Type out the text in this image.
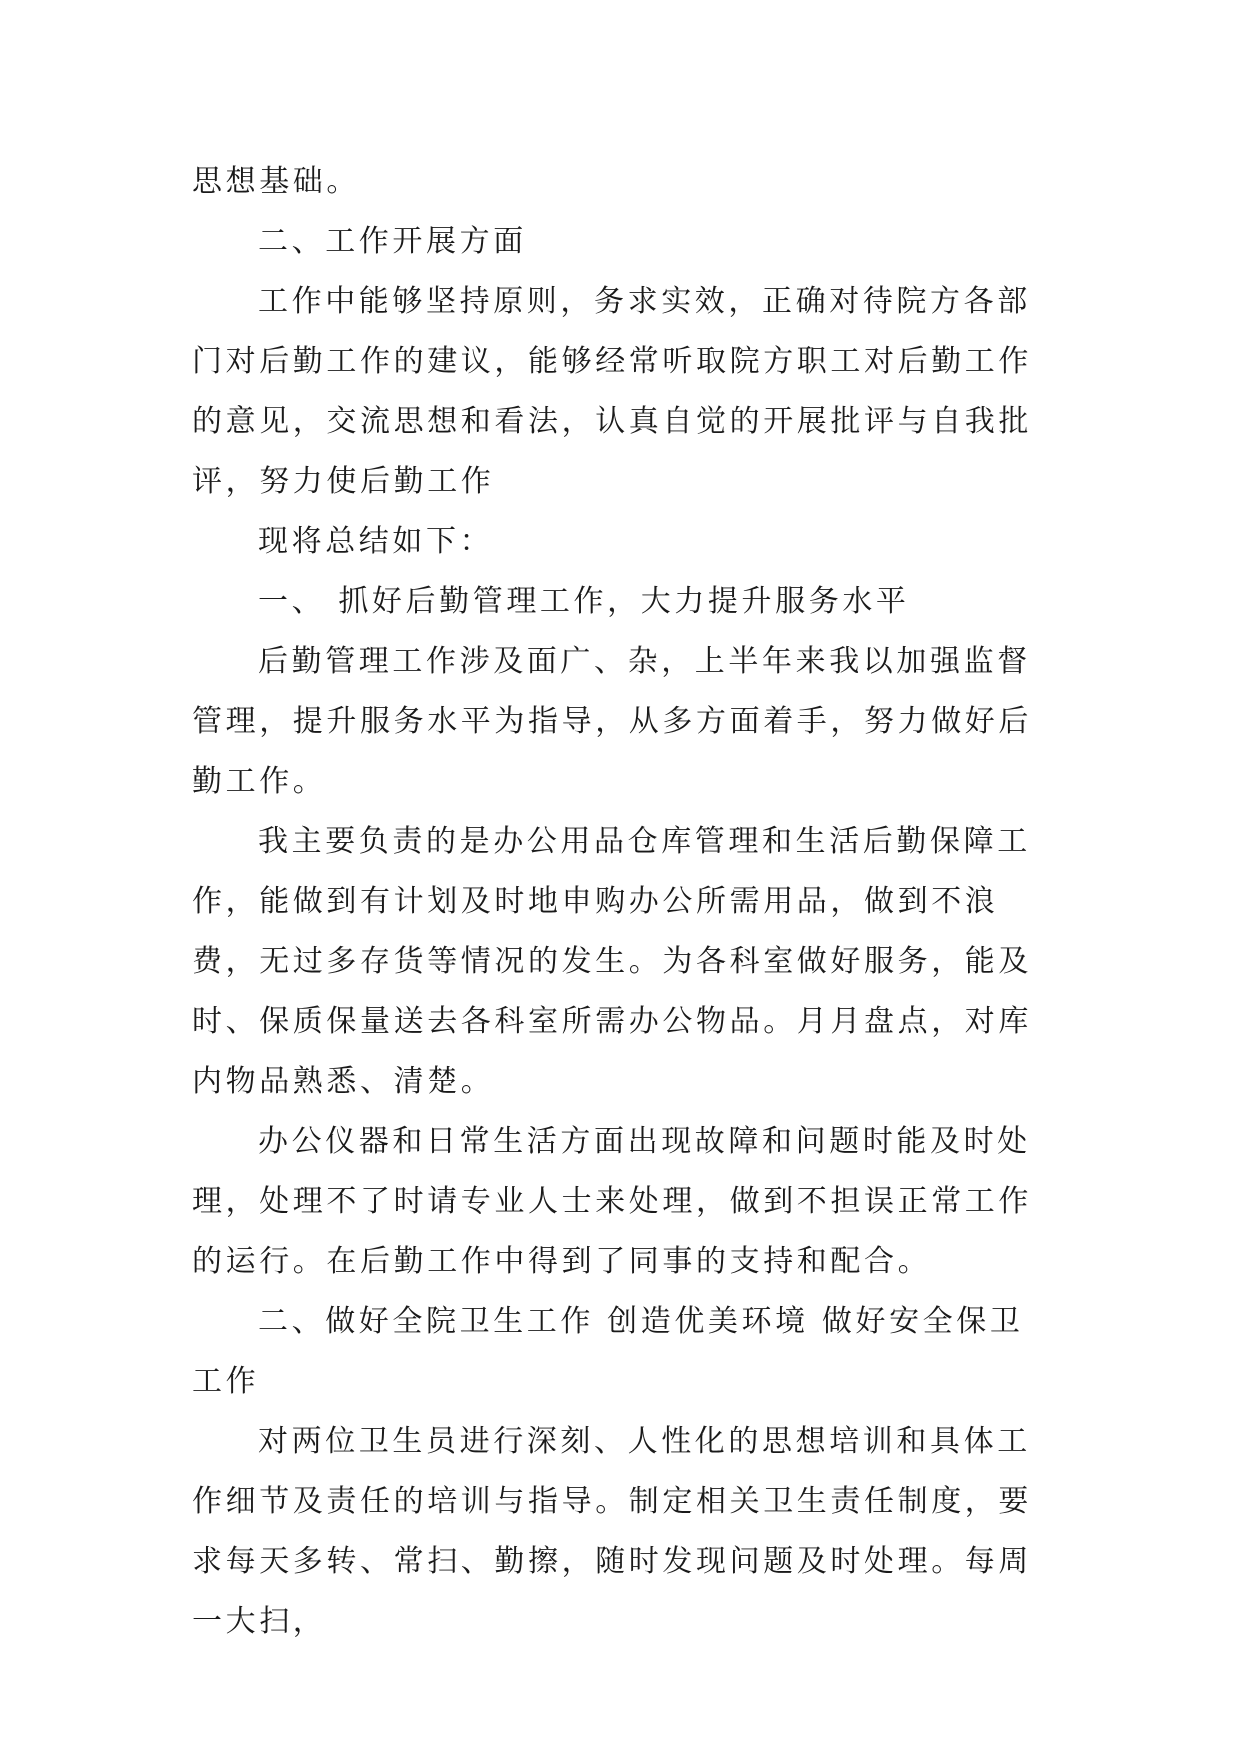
思想基础。

二、工作开展方面

工作中能够坚持原则，务求实效，正确对待院方各部门对后勤工作的建议，能够经常听取院方职工对后勤工作的意见，交流思想和看法，认真自觉的开展批评与自我批评，努力使后勤工作

现将总结如下：

一、 抓好后勤管理工作，大力提升服务水平

后勤管理工作涉及面广、杂，上半年来我以加强监督管理，提升服务水平为指导，从多方面着手，努力做好后勤工作。

我主要负责的是办公用品仓库管理和生活后勤保障工作，能做到有计划及时地申购办公所需用品，做到不浪费，无过多存货等情况的发生。为各科室做好服务，能及时、保质保量送去各科室所需办公物品。月月盘点，对库内物品熟悉、清楚。

办公仪器和日常生活方面出现故障和问题时能及时处理，处理不了时请专业人士来处理，做到不担误正常工作的运行。在后勤工作中得到了同事的支持和配合。

二、做好全院卫生工作 创造优美环境 做好安全保卫工作

对两位卫生员进行深刻、人性化的思想培训和具体工作细节及责任的培训与指导。制定相关卫生责任制度，要求每天多转、常扫、勤擦，随时发现问题及时处理。每周一大扫，
